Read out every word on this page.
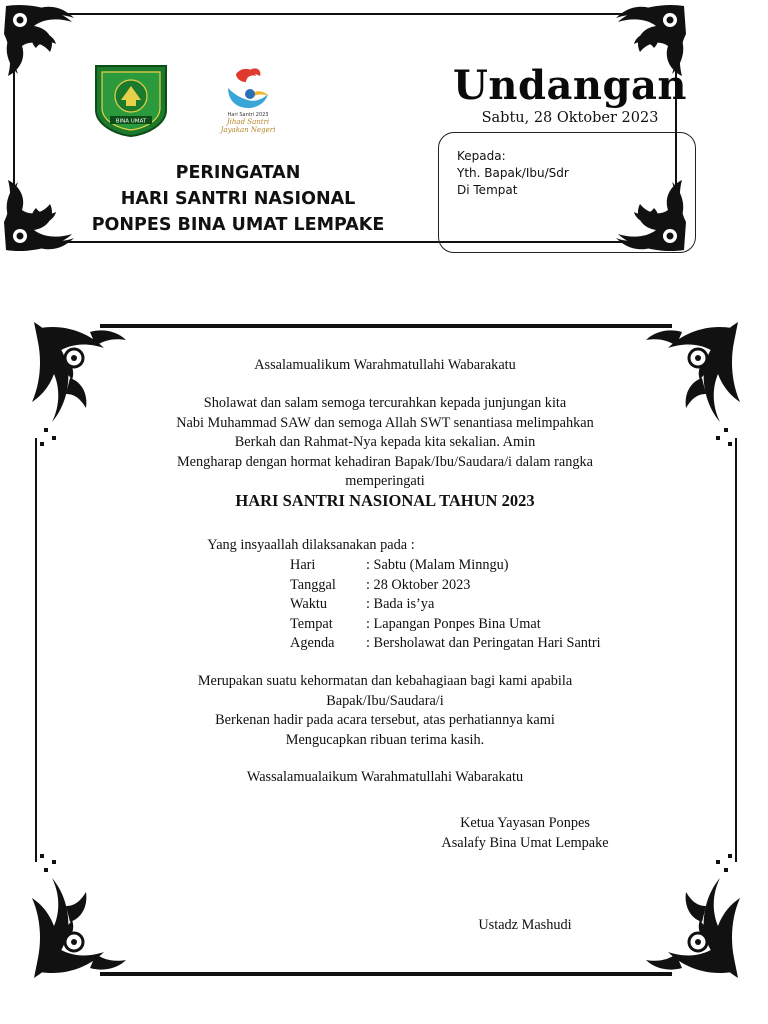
BINA UMAT
Hari Santri 2023
Jihad Santri
Jayakan Negeri
PERINGATAN
HARI SANTRI NASIONAL
PONPES BINA UMAT LEMPAKE
Undangan
Sabtu, 28 Oktober 2023
Kepada:
Yth. Bapak/Ibu/Sdr
Di Tempat
Assalamualikum Warahmatullahi Wabarakatu
Sholawat dan salam semoga tercurahkan kepada junjungan kita
Nabi Muhammad SAW dan semoga Allah SWT senantiasa melimpahkan
Berkah dan Rahmat-Nya kepada kita sekalian. Amin
Mengharap dengan hormat kehadiran Bapak/Ibu/Saudara/i dalam rangka
memperingati
HARI SANTRI NASIONAL TAHUN 2023
Yang insyaallah dilaksanakan pada :
Hari	: Sabtu (Malam Minngu)
Tanggal : 28 Oktober 2023
Waktu	: Bada is’ya
Tempat : Lapangan Ponpes Bina Umat
Agenda : Bersholawat dan Peringatan Hari Santri
Merupakan suatu kehormatan dan kebahagiaan bagi kami apabila
Bapak/Ibu/Saudara/i
Berkenan hadir pada acara tersebut, atas perhatiannya kami
Mengucapkan ribuan terima kasih.
Wassalamualaikum Warahmatullahi Wabarakatu
Ketua Yayasan Ponpes
Asalafy Bina Umat Lempake
Ustadz Mashudi
